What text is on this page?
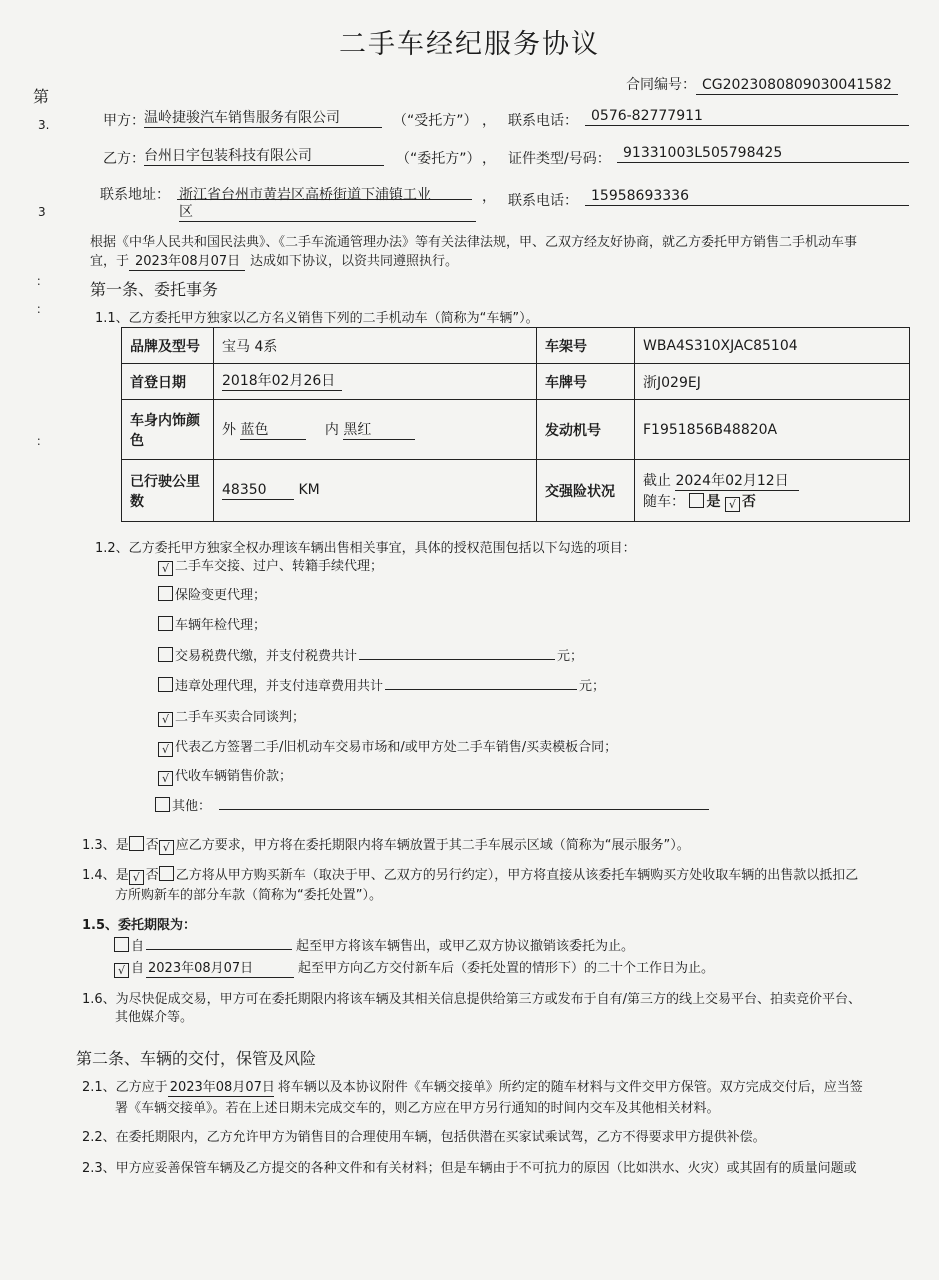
二手车经纪服务协议
合同编号： CG2023080809030041582
第
3.
3
：
：
：
甲方： 温岭捷骏汽车销售服务有限公司	（“受托方”） ， 联系电话： 0576-82777911
乙方： 台州日宇包装科技有限公司	（“委托方”） ， 证件类型/号码： 91331003L505798425
联系地址： 浙江省台州市黄岩区高桥街道下浦镇工业
区
， 联系电话： 15958693336
根据《中华人民共和国民法典》、《二手车流通管理办法》等有关法律法规，甲、乙双方经友好协商，就乙方委托甲方销售二手机动车事
宜，于 2023年08月07日 达成如下协议，以资共同遵照执行。
第一条、委托事务
1.1、乙方委托甲方独家以乙方名义销售下列的二手机动车（简称为“车辆”）。
品牌及型号	宝马 4系	车架号	WBA4S310XJAC85104
首登日期	2018年02月26日	车牌号	浙J029EJ
车身内饰颜色	外 蓝色 内 黑红	发动机号	F1951856B48820A
已行驶公里数	48350 KM	交强险状况	截止 2024年02月12日
随车： 是 √ 否
1.2、乙方委托甲方独家全权办理该车辆出售相关事宜，具体的授权范围包括以下勾选的项目：
√ 二手车交接、过户、转籍手续代理；
保险变更代理；
车辆年检代理；
交易税费代缴，并支付税费共计	元；
违章处理代理，并支付违章费用共计	元；
√ 二手车买卖合同谈判；
√ 代表乙方签署二手/旧机动车交易市场和/或甲方处二手车销售/买卖模板合同；
√ 代收车辆销售价款；
其他：
1.3、是 否 √ 应乙方要求，甲方将在委托期限内将车辆放置于其二手车展示区域（简称为“展示服务”）。
1.4、是 √ 否 乙方将从甲方购买新车（取决于甲、乙双方的另行约定），甲方将直接从该委托车辆购买方处收取车辆的出售款以抵扣乙
方所购新车的部分车款（简称为“委托处置”）。
1.5、委托期限为：
自	起至甲方将该车辆售出，或甲乙双方协议撤销该委托为止。
√ 自 2023年08月07日	起至甲方向乙方交付新车后（委托处置的情形下）的二十个工作日为止。
1.6、为尽快促成交易，甲方可在委托期限内将该车辆及其相关信息提供给第三方或发布于自有/第三方的线上交易平台、拍卖竞价平台、
其他媒介等。
第二条、车辆的交付，保管及风险
2.1、乙方应于 2023年08月07日 将车辆以及本协议附件《车辆交接单》所约定的随车材料与文件交甲方保管。双方完成交付后，应当签
署《车辆交接单》。若在上述日期未完成交车的，则乙方应在甲方另行通知的时间内交车及其他相关材料。
2.2、在委托期限内，乙方允许甲方为销售目的合理使用车辆，包括供潜在买家试乘试驾，乙方不得要求甲方提供补偿。
2.3、甲方应妥善保管车辆及乙方提交的各种文件和有关材料；但是车辆由于不可抗力的原因（比如洪水、火灾）或其固有的质量问题或
